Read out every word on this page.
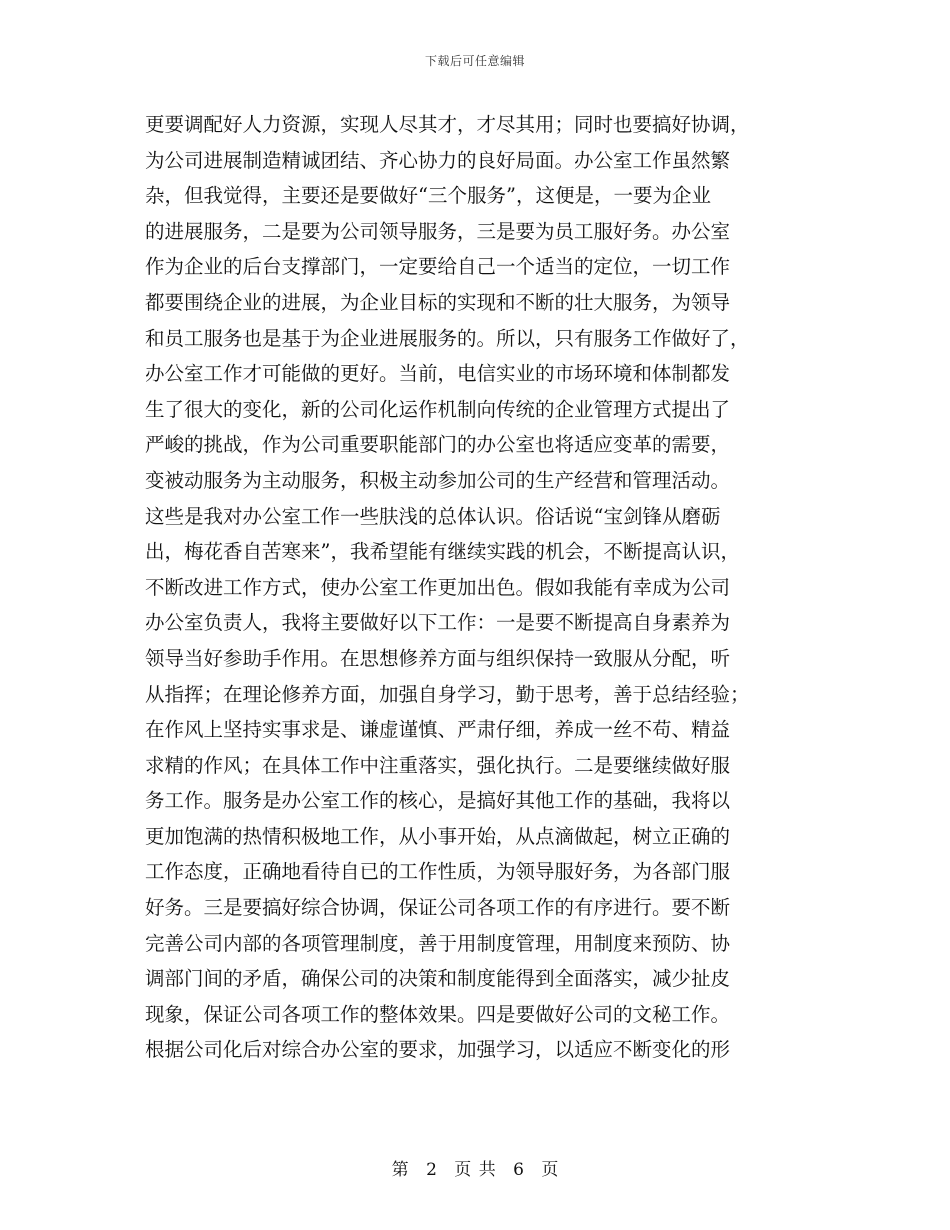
下载后可任意编辑
更要调配好人力资源，实现人尽其才，才尽其用；同时也要搞好协调，
为公司进展制造精诚团结、齐心协力的良好局面。办公室工作虽然繁
杂，但我觉得，主要还是要做好“三个服务”，这便是，一要为企业
的进展服务，二是要为公司领导服务，三是要为员工服好务。办公室
作为企业的后台支撑部门，一定要给自己一个适当的定位，一切工作
都要围绕企业的进展，为企业目标的实现和不断的壮大服务，为领导
和员工服务也是基于为企业进展服务的。所以，只有服务工作做好了，
办公室工作才可能做的更好。当前，电信实业的市场环境和体制都发
生了很大的变化，新的公司化运作机制向传统的企业管理方式提出了
严峻的挑战，作为公司重要职能部门的办公室也将适应变革的需要，
变被动服务为主动服务，积极主动参加公司的生产经营和管理活动。
这些是我对办公室工作一些肤浅的总体认识。俗话说“宝剑锋从磨砺
出，梅花香自苦寒来”，我希望能有继续实践的机会，不断提高认识，
不断改进工作方式，使办公室工作更加出色。假如我能有幸成为公司
办公室负责人，我将主要做好以下工作：一是要不断提高自身素养为
领导当好参助手作用。在思想修养方面与组织保持一致服从分配，听
从指挥；在理论修养方面，加强自身学习，勤于思考，善于总结经验；
在作风上坚持实事求是、谦虚谨慎、严肃仔细，养成一丝不苟、精益
求精的作风；在具体工作中注重落实，强化执行。二是要继续做好服
务工作。服务是办公室工作的核心，是搞好其他工作的基础，我将以
更加饱满的热情积极地工作，从小事开始，从点滴做起，树立正确的
工作态度，正确地看待自已的工作性质，为领导服好务，为各部门服
好务。三是要搞好综合协调，保证公司各项工作的有序进行。要不断
完善公司内部的各项管理制度，善于用制度管理，用制度来预防、协
调部门间的矛盾，确保公司的决策和制度能得到全面落实，减少扯皮
现象，保证公司各项工作的整体效果。四是要做好公司的文秘工作。
根据公司化后对综合办公室的要求，加强学习，以适应不断变化的形
第 2 页 共 6 页
